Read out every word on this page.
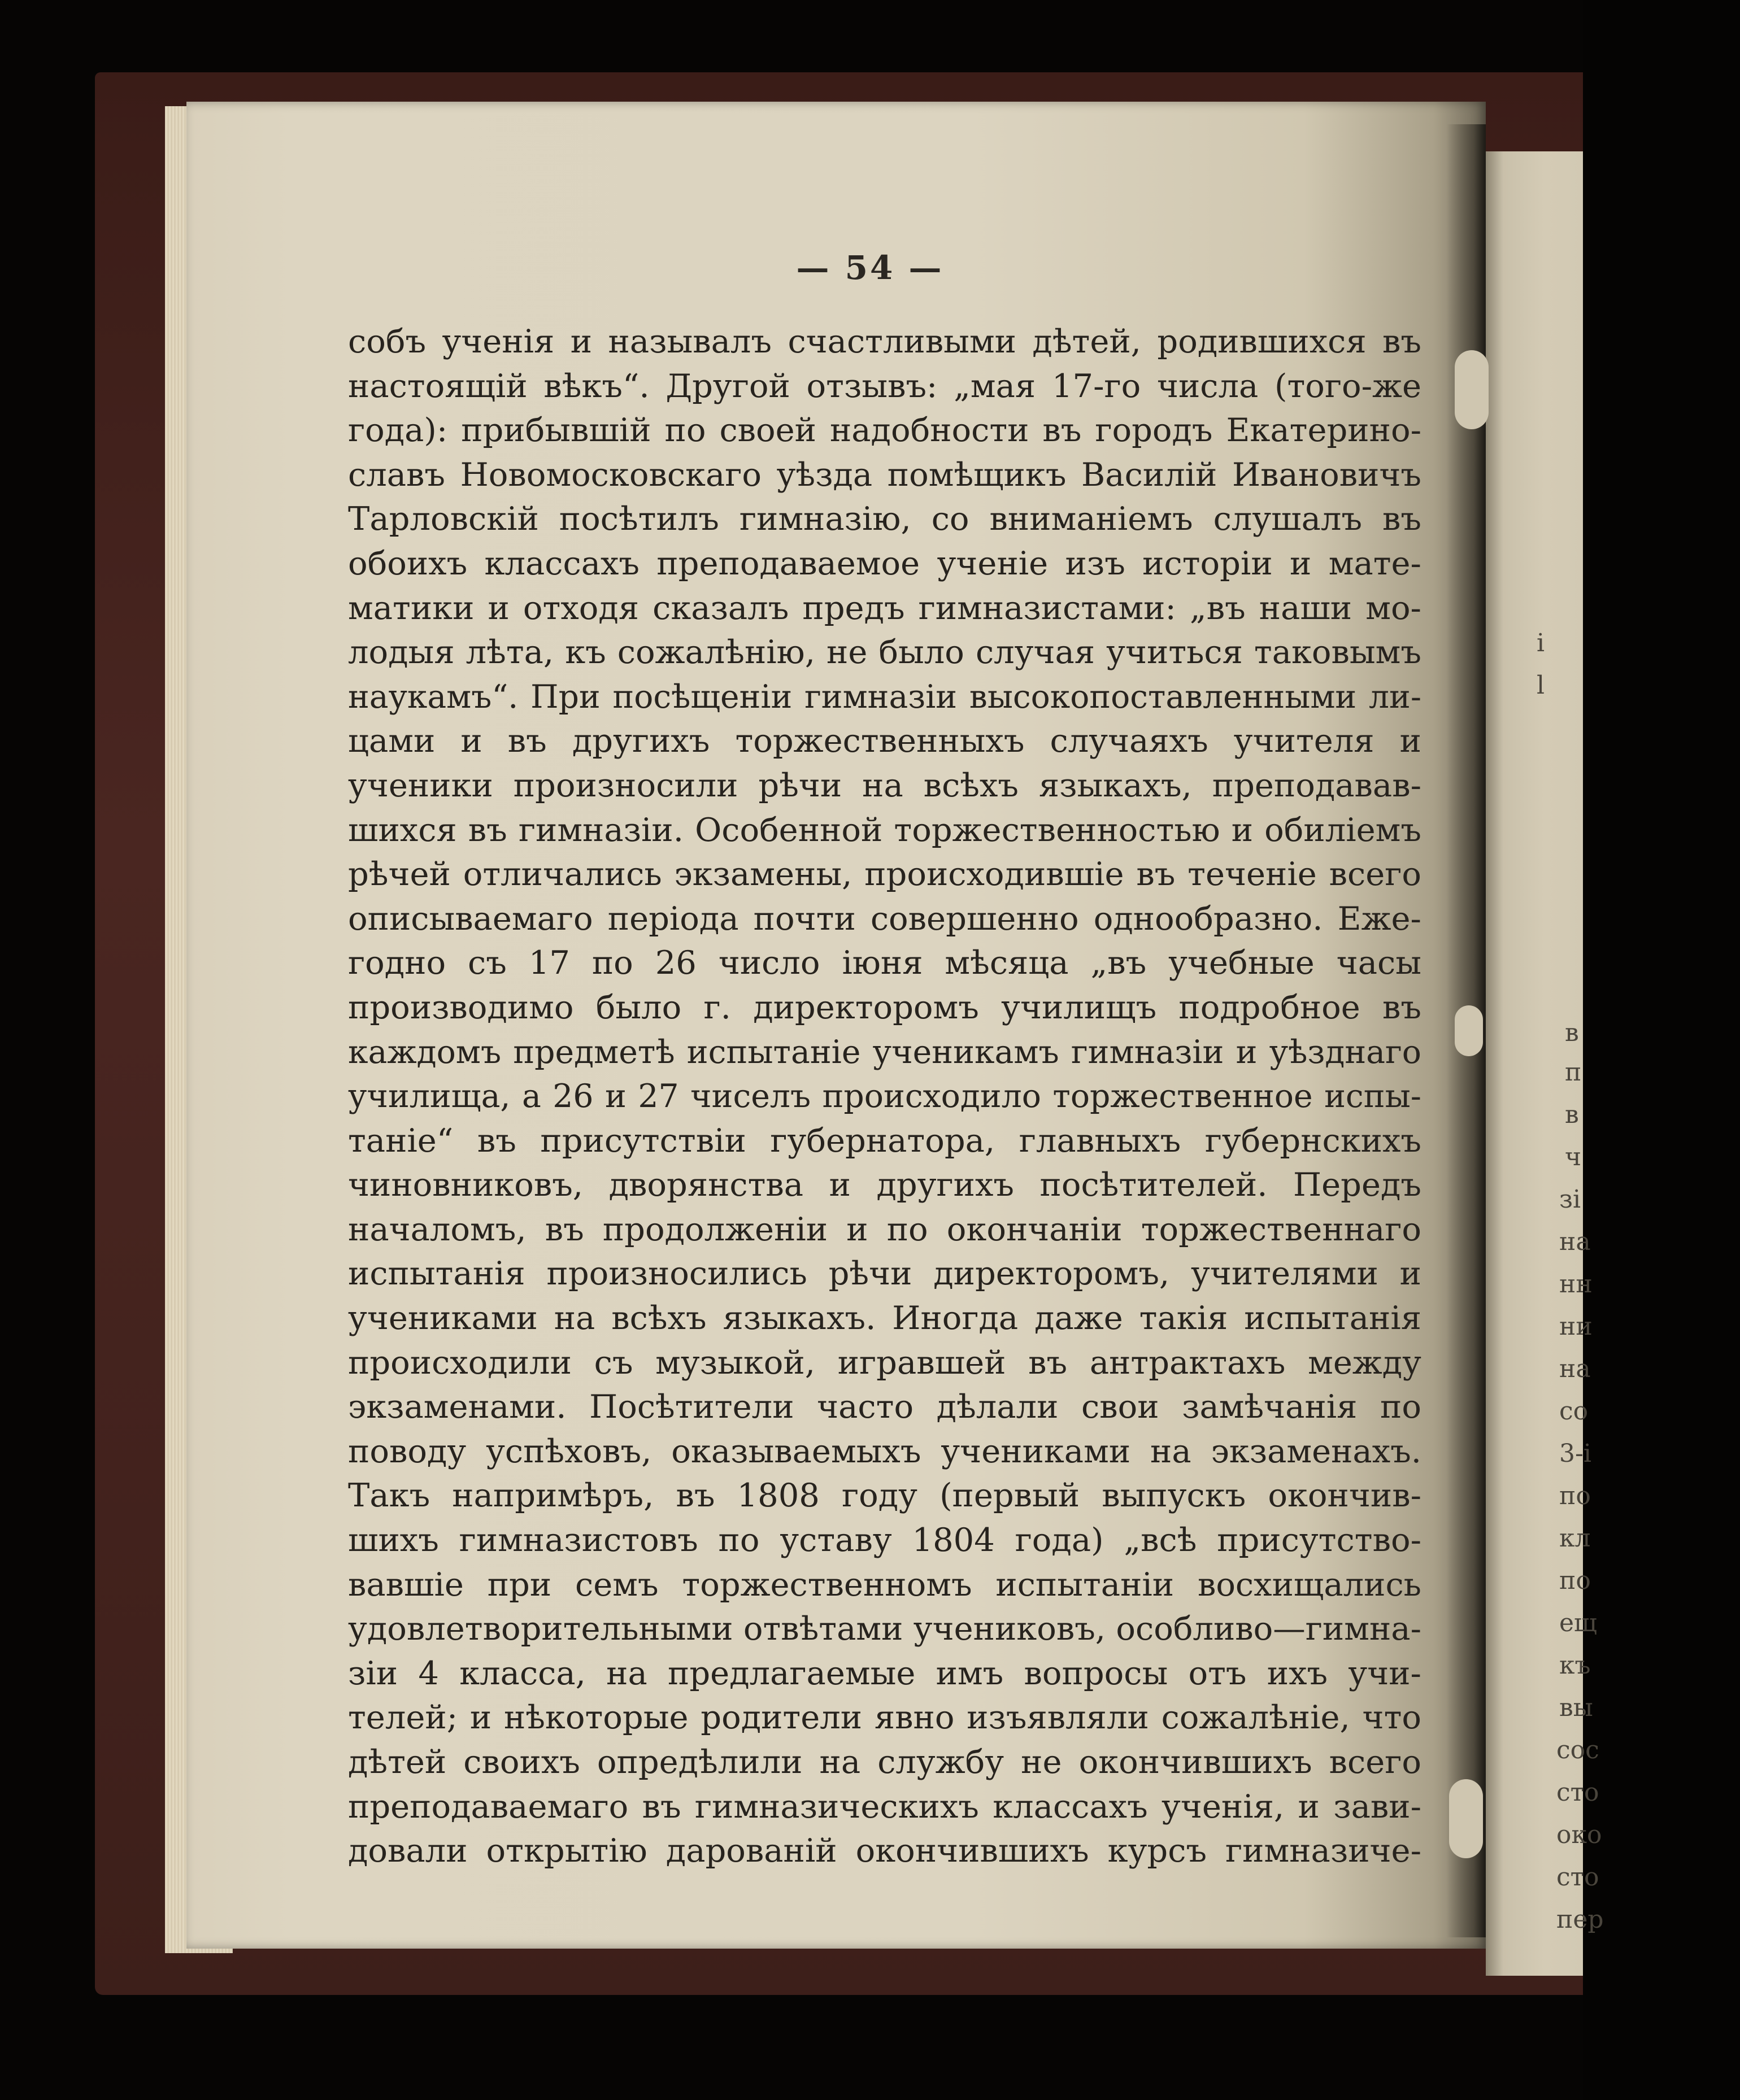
і
l
в
п
в
ч
зі
на
нн
ни
на
со
3-і
по
кл
по
ещ
къ
вы
сос
сто
око
сто
пер
— 54 —
собъ ученія и называлъ счастливыми дѣтей, родившихся въ
настоящій вѣкъ“. Другой отзывъ: „мая 17-го числа (того-же
года): прибывшій по своей надобности въ городъ Екатерино-
славъ Новомосковскаго уѣзда помѣщикъ Василій Ивановичъ
Тарловскій посѣтилъ гимназію, со вниманіемъ слушалъ въ
обоихъ классахъ преподаваемое ученіе изъ исторіи и мате-
матики и отходя сказалъ предъ гимназистами: „въ наши мо-
лодыя лѣта, къ сожалѣнію, не было случая учиться таковымъ
наукамъ“. При посѣщеніи гимназіи высокопоставленными ли-
цами и въ другихъ торжественныхъ случаяхъ учителя и
ученики произносили рѣчи на всѣхъ языкахъ, преподавав-
шихся въ гимназіи. Особенной торжественностью и обиліемъ
рѣчей отличались экзамены, происходившіе въ теченіе всего
описываемаго періода почти совершенно однообразно. Еже-
годно съ 17 по 26 число іюня мѣсяца „въ учебные часы
производимо было г. директоромъ училищъ подробное въ
каждомъ предметѣ испытаніе ученикамъ гимназіи и уѣзднаго
училища, а 26 и 27 чиселъ происходило торжественное испы-
таніе“ въ присутствіи губернатора, главныхъ губернскихъ
чиновниковъ, дворянства и другихъ посѣтителей. Передъ
началомъ, въ продолженіи и по окончаніи торжественнаго
испытанія произносились рѣчи директоромъ, учителями и
учениками на всѣхъ языкахъ. Иногда даже такія испытанія
происходили съ музыкой, игравшей въ антрактахъ между
экзаменами. Посѣтители часто дѣлали свои замѣчанія по
поводу успѣховъ, оказываемыхъ учениками на экзаменахъ.
Такъ напримѣръ, въ 1808 году (первый выпускъ окончив-
шихъ гимназистовъ по уставу 1804 года) „всѣ присутство-
вавшіе при семъ торжественномъ испытаніи восхищались
удовлетворительными отвѣтами учениковъ, особливо—гимна-
зіи 4 класса, на предлагаемые имъ вопросы отъ ихъ учи-
телей; и нѣкоторые родители явно изъявляли сожалѣніе, что
дѣтей своихъ опредѣлили на службу не окончившихъ всего
преподаваемаго въ гимназическихъ классахъ ученія, и зави-
довали открытію дарованій окончившихъ курсъ гимназиче-
